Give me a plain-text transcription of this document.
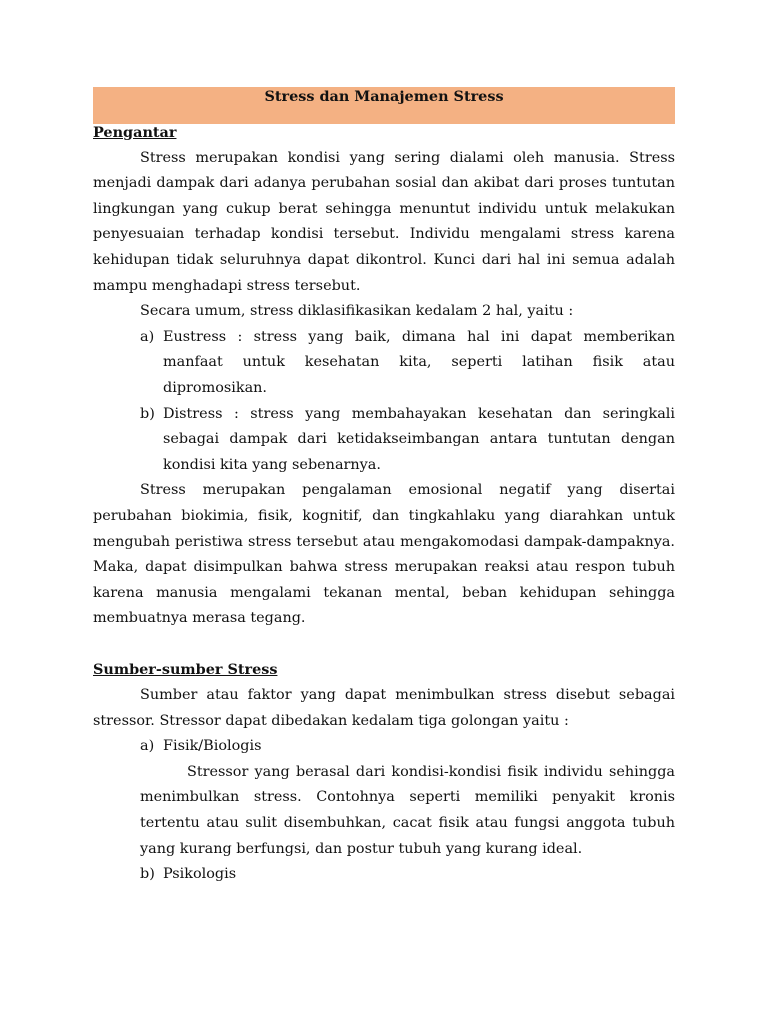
Stress dan Manajemen Stress

Pengantar

Stress merupakan kondisi yang sering dialami oleh manusia. Stress menjadi dampak dari adanya perubahan sosial dan akibat dari proses tuntutan lingkungan yang cukup berat sehingga menuntut individu untuk melakukan penyesuaian terhadap kondisi tersebut. Individu mengalami stress karena kehidupan tidak seluruhnya dapat dikontrol. Kunci dari hal ini semua adalah mampu menghadapi stress tersebut.

Secara umum, stress diklasifikasikan kedalam 2 hal, yaitu :

a) Eustress : stress yang baik, dimana hal ini dapat memberikan manfaat untuk kesehatan kita, seperti latihan fisik atau dipromosikan.
b) Distress : stress yang membahayakan kesehatan dan seringkali sebagai dampak dari ketidakseimbangan antara tuntutan dengan kondisi kita yang sebenarnya.

Stress merupakan pengalaman emosional negatif yang disertai perubahan biokimia, fisik, kognitif, dan tingkahlaku yang diarahkan untuk mengubah peristiwa stress tersebut atau mengakomodasi dampak-dampaknya. Maka, dapat disimpulkan bahwa stress merupakan reaksi atau respon tubuh karena manusia mengalami tekanan mental, beban kehidupan sehingga membuatnya merasa tegang.

Sumber-sumber Stress

Sumber atau faktor yang dapat menimbulkan stress disebut sebagai stressor. Stressor dapat dibedakan kedalam tiga golongan yaitu :

a) Fisik/Biologis

Stressor yang berasal dari kondisi-kondisi fisik individu sehingga menimbulkan stress. Contohnya seperti memiliki penyakit kronis tertentu atau sulit disembuhkan, cacat fisik atau fungsi anggota tubuh yang kurang berfungsi, dan postur tubuh yang kurang ideal.

b) Psikologis
